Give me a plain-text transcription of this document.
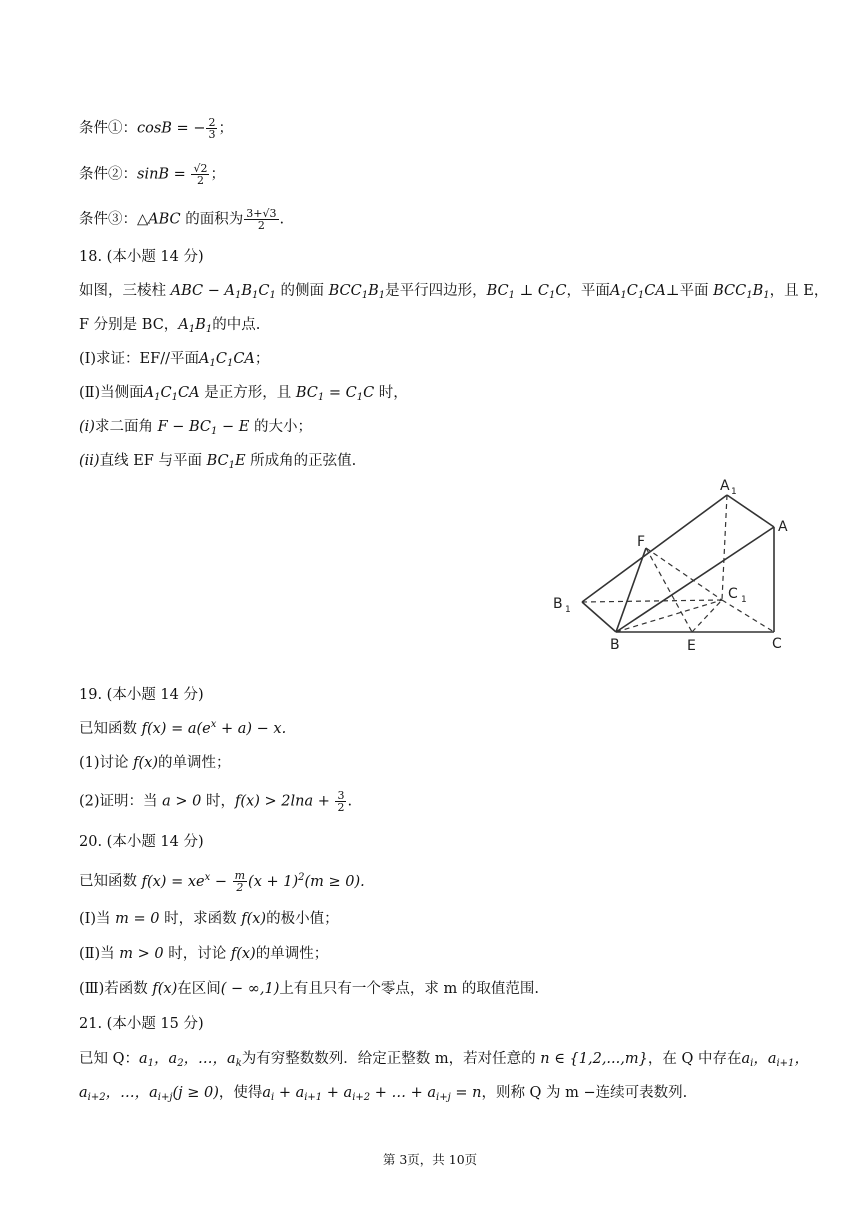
条件①：cosB = − $\frac{2}{3}$ ；
条件②：$\sin B = \frac{√2}{2}$ ；
条件③：△ABC 的面积为 $\frac{3+√3}{2}$ .
18. (本小题 14 分)
如图，三棱柱 ABC − $A_1B_1C_1$ 的侧面 $BCC_1B_1$是平行四边形，$BC_1$ ⊥ $C_1C$，平面$A_1C_1CA\perp$平面 $BCC_1B_1$，且 E，
F 分别是 BC，$A_1B_1$的中点.
(Ⅰ)求证：EF//平面$A_1C_1CA$；
(Ⅱ)当侧面$A_1C_1CA$ 是正方形，且 $BC_1 = C_1C$ 时，
(i)求二面角 $F - BC_1 - E$ 的大小；
(ii)直线 EF 与平面 $BC_1E$ 所成角的正弦值.
A 1
A
F
C 1
B 1
B	E	C
19. (本小题 14 分)
已知函数 $f(x) = a(e^x + a) - x$.
(1)讨论 f(x)的单调性；
(2)证明：当 a > 0 时，$f(x) > 2\ln a + \frac{3}{2}$ .
20. (本小题 14 分)
已知函数 $f(x) = xe^x - \frac{m}{2} (x + 1)^2(m \ge 0)$.
(Ⅰ)当 m = 0 时，求函数 f(x)的极小值；
(Ⅱ)当 m > 0 时，讨论 f(x)的单调性；
(Ⅲ)若函数 f(x)在区间( − ∞,1)上有且只有一个零点，求 m 的取值范围.
21. (本小题 15 分)
已知 Q：$a_1$，$a_2$，…，$a_k$为有穷整数数列．给定正整数 m，若对任意的 n ∈ {1,2,...,m}，在 Q 中存在$a_i$，$a_{i+1}$，
$a_{i+2}$，…，$a_{i+j}(j \ge 0)$，使得$a_i + a_{i+1} + a_{i+2}$ + … + $a_{i+j} = n$，则称 Q 为 m −连续可表数列.
第 3页，共 10页
